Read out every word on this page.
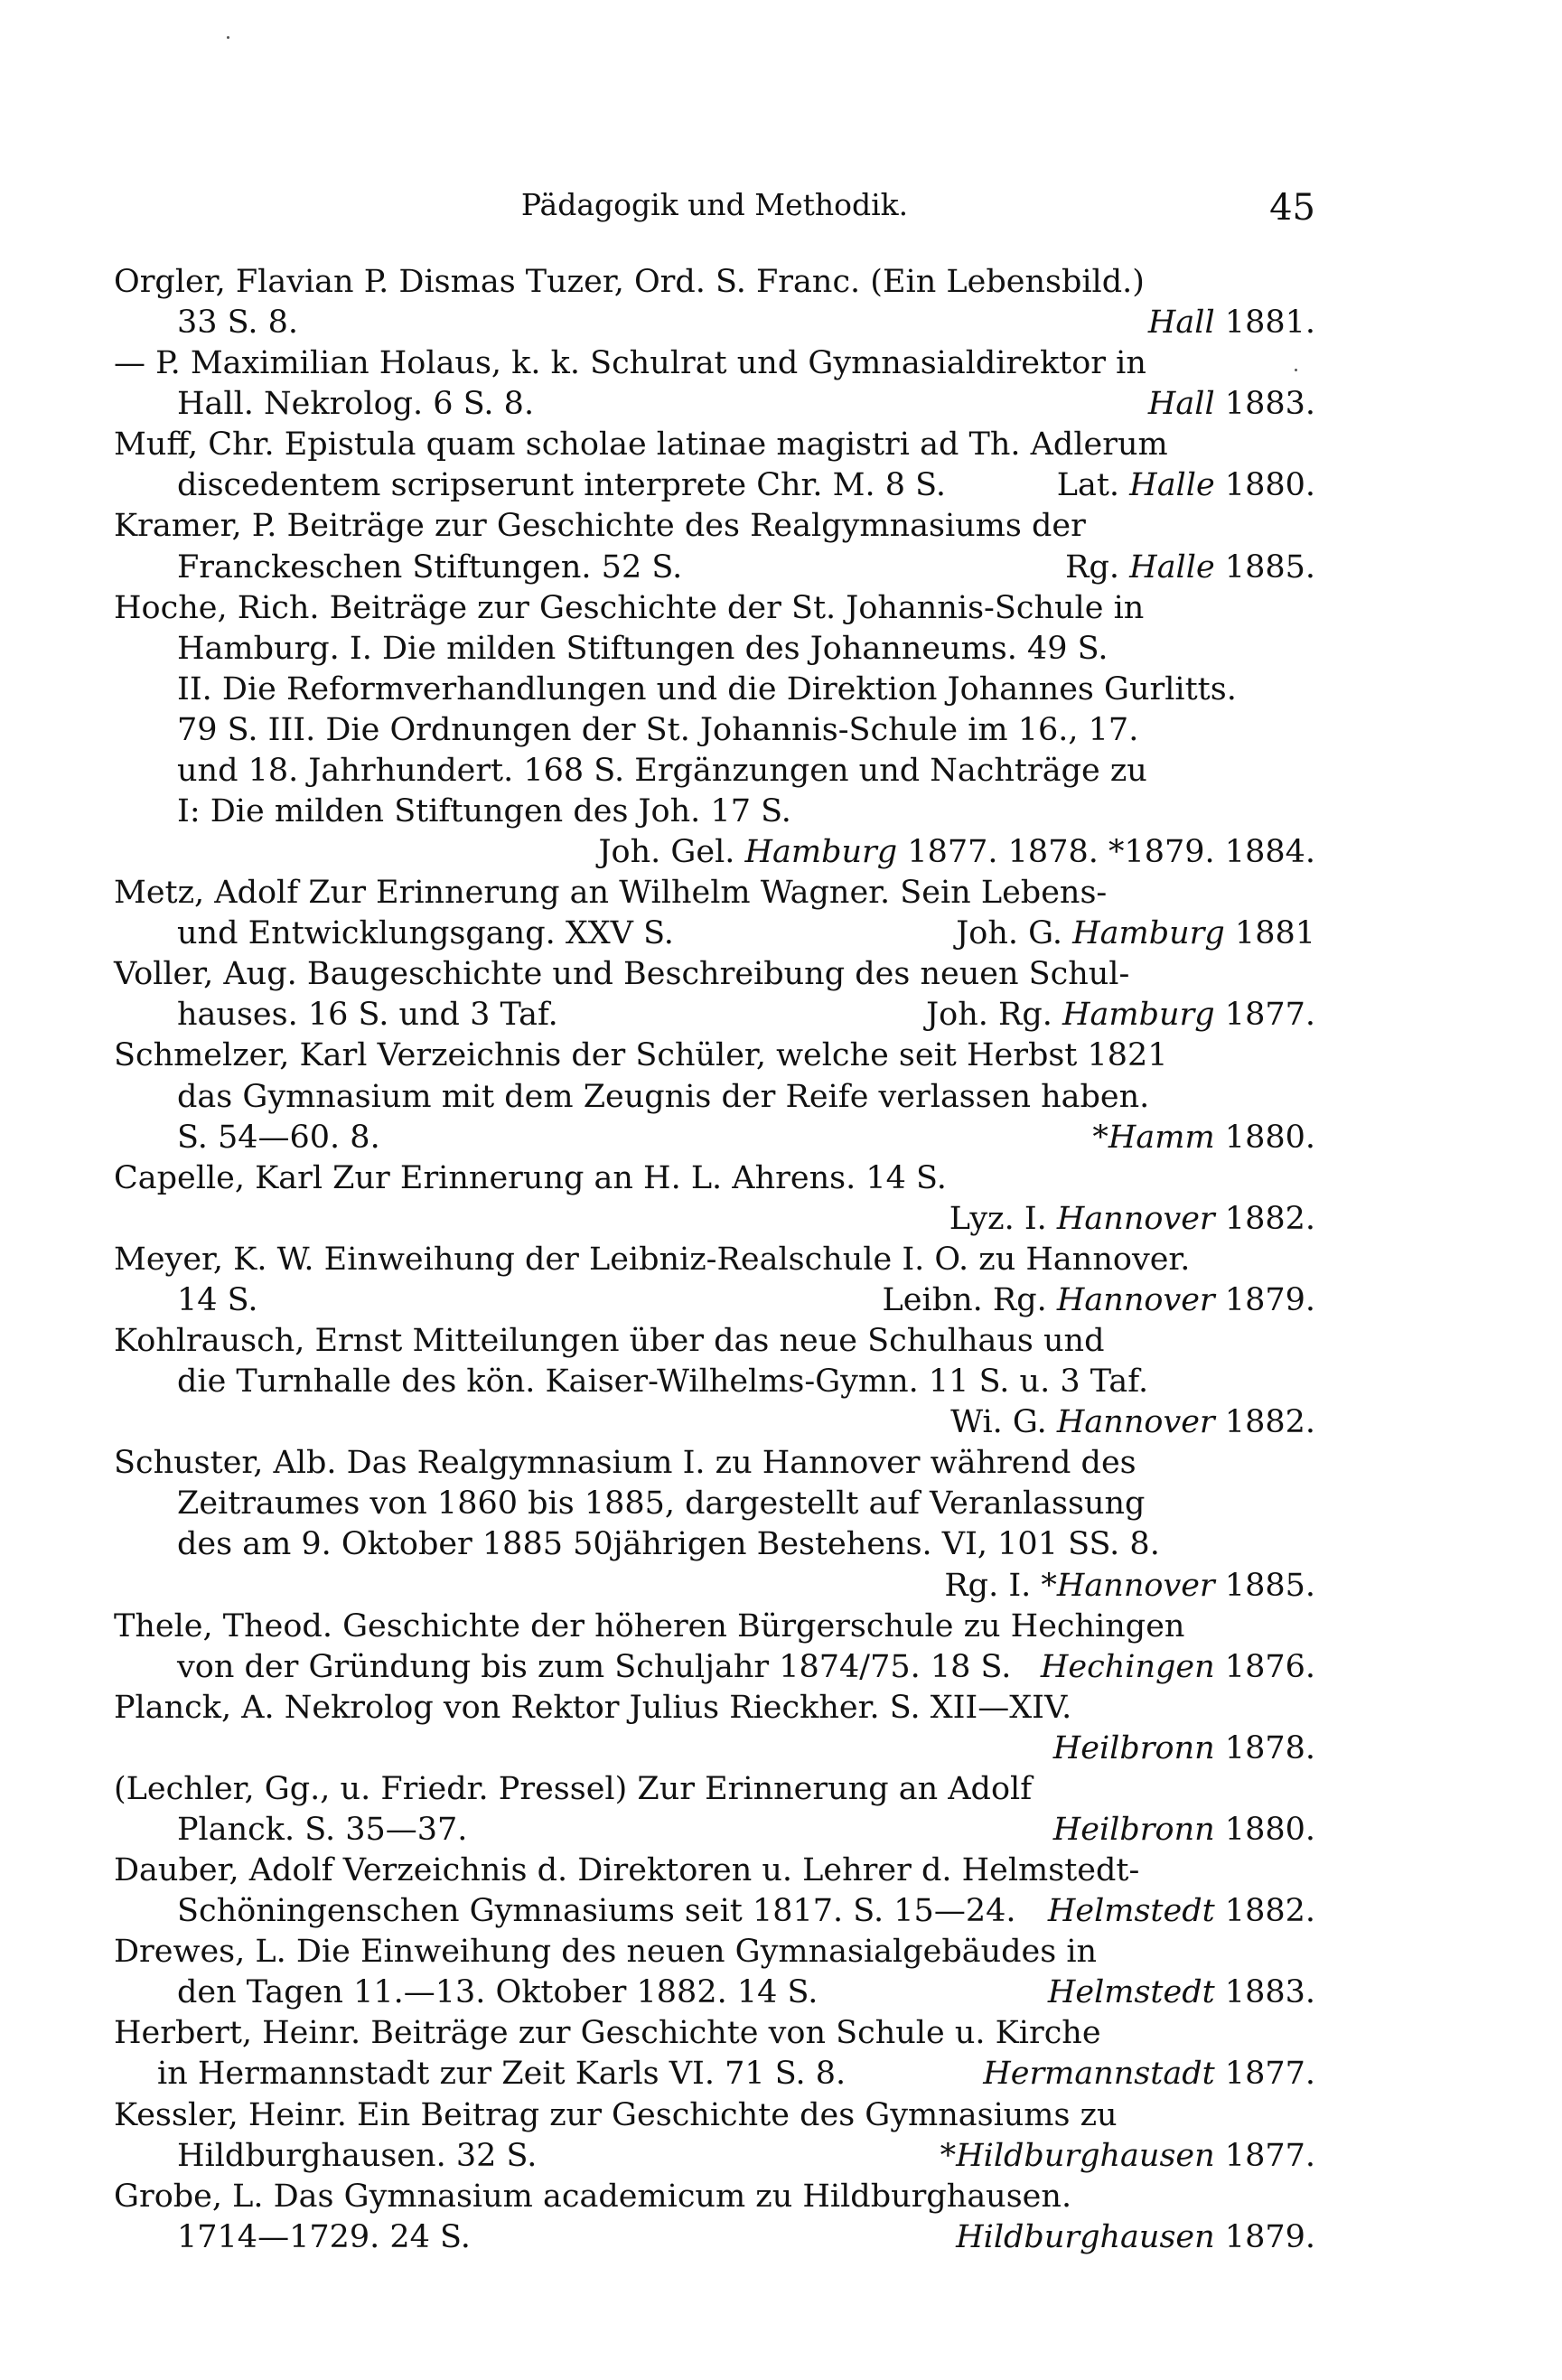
Pädagogik und Methodik.	45
Orgler, Flavian P. Dismas Tuzer, Ord. S. Franc. (Ein Lebensbild.)
33 S. 8.	Hall 1881.
— P. Maximilian Holaus, k. k. Schulrat und Gymnasialdirektor in
Hall. Nekrolog. 6 S. 8.	Hall 1883.
Muff, Chr. Epistula quam scholae latinae magistri ad Th. Adlerum
discedentem scripserunt interprete Chr. M. 8 S.	Lat. Halle 1880.
Kramer, P. Beiträge zur Geschichte des Realgymnasiums der
Franckeschen Stiftungen. 52 S.	Rg. Halle 1885.
Hoche, Rich. Beiträge zur Geschichte der St. Johannis-Schule in
Hamburg. I. Die milden Stiftungen des Johanneums. 49 S.
II. Die Reformverhandlungen und die Direktion Johannes Gurlitts.
79 S. III. Die Ordnungen der St. Johannis-Schule im 16., 17.
und 18. Jahrhundert. 168 S. Ergänzungen und Nachträge zu
I: Die milden Stiftungen des Joh. 17 S.
Joh. Gel. Hamburg 1877. 1878. *1879. 1884.
Metz, Adolf Zur Erinnerung an Wilhelm Wagner. Sein Lebens-
und Entwicklungsgang. XXV S.	Joh. G. Hamburg 1881
Voller, Aug. Baugeschichte und Beschreibung des neuen Schul-
hauses. 16 S. und 3 Taf.	Joh. Rg. Hamburg 1877.
Schmelzer, Karl Verzeichnis der Schüler, welche seit Herbst 1821
das Gymnasium mit dem Zeugnis der Reife verlassen haben.
S. 54—60. 8.	*Hamm 1880.
Capelle, Karl Zur Erinnerung an H. L. Ahrens. 14 S.
Lyz. I. Hannover 1882.
Meyer, K. W. Einweihung der Leibniz-Realschule I. O. zu Hannover.
14 S.	Leibn. Rg. Hannover 1879.
Kohlrausch, Ernst Mitteilungen über das neue Schulhaus und
die Turnhalle des kön. Kaiser-Wilhelms-Gymn. 11 S. u. 3 Taf.
Wi. G. Hannover 1882.
Schuster, Alb. Das Realgymnasium I. zu Hannover während des
Zeitraumes von 1860 bis 1885, dargestellt auf Veranlassung
des am 9. Oktober 1885 50jährigen Bestehens. VI, 101 SS. 8.
Rg. I. *Hannover 1885.
Thele, Theod. Geschichte der höheren Bürgerschule zu Hechingen
von der Gründung bis zum Schuljahr 1874/75. 18 S. Hechingen 1876.
Planck, A. Nekrolog von Rektor Julius Rieckher. S. XII—XIV.
Heilbronn 1878.
(Lechler, Gg., u. Friedr. Pressel) Zur Erinnerung an Adolf
Planck. S. 35—37.	Heilbronn 1880.
Dauber, Adolf Verzeichnis d. Direktoren u. Lehrer d. Helmstedt-
Schöningenschen Gymnasiums seit 1817. S. 15—24. Helmstedt 1882.
Drewes, L. Die Einweihung des neuen Gymnasialgebäudes in
den Tagen 11.—13. Oktober 1882. 14 S.	Helmstedt 1883.
Herbert, Heinr. Beiträge zur Geschichte von Schule u. Kirche
in Hermannstadt zur Zeit Karls VI. 71 S. 8.	Hermannstadt 1877.
Kessler, Heinr. Ein Beitrag zur Geschichte des Gymnasiums zu
Hildburghausen. 32 S.	*Hildburghausen 1877.
Grobe, L. Das Gymnasium academicum zu Hildburghausen.
1714—1729. 24 S.	Hildburghausen 1879.
